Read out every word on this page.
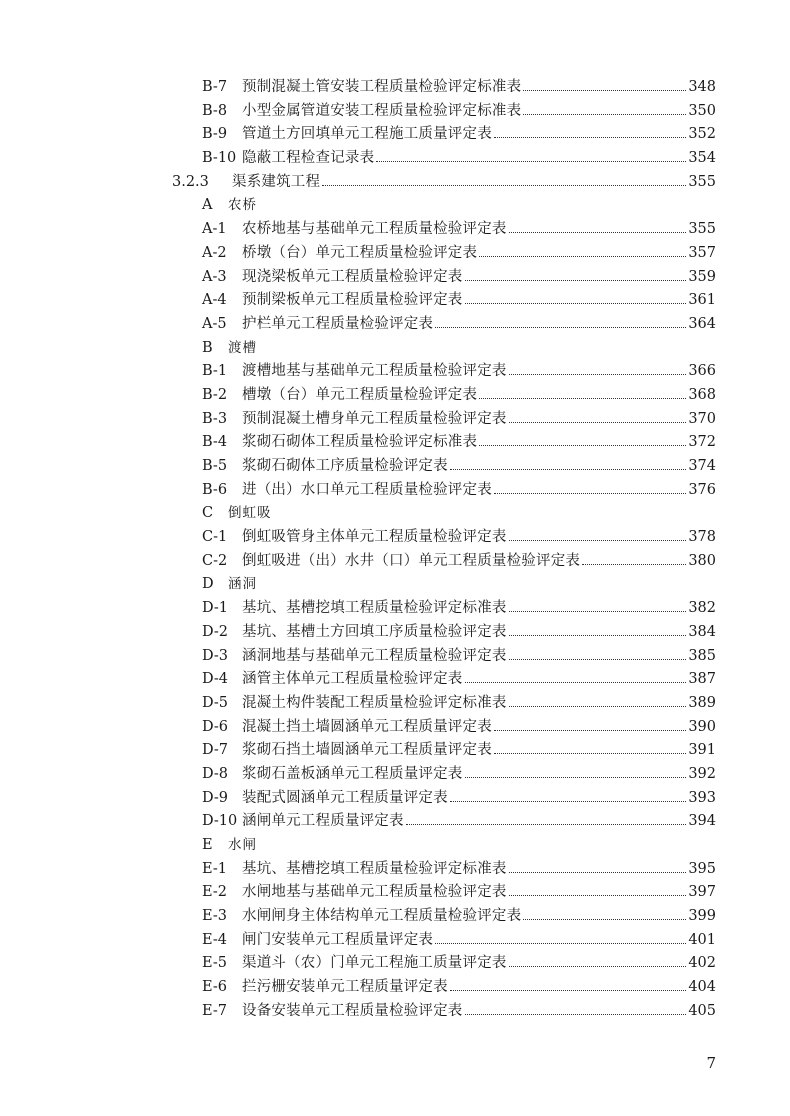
B-7	预制混凝土管安装工程质量检验评定标准表	348
B-8	小型金属管道安装工程质量检验评定标准表	350
B-9	管道土方回填单元工程施工质量评定表	352
B-10 隐蔽工程检查记录表	354
3.2.3	渠系建筑工程	355
A	农桥
A-1	农桥地基与基础单元工程质量检验评定表	355
A-2	桥墩（台）单元工程质量检验评定表	357
A-3	现浇梁板单元工程质量检验评定表	359
A-4	预制梁板单元工程质量检验评定表	361
A-5	护栏单元工程质量检验评定表	364
B	渡槽
B-1	渡槽地基与基础单元工程质量检验评定表	366
B-2	槽墩（台）单元工程质量检验评定表	368
B-3	预制混凝土槽身单元工程质量检验评定表	370
B-4	浆砌石砌体工程质量检验评定标准表	372
B-5	浆砌石砌体工序质量检验评定表	374
B-6	进（出）水口单元工程质量检验评定表	376
C	倒虹吸
C-1	倒虹吸管身主体单元工程质量检验评定表	378
C-2	倒虹吸进（出）水井（口）单元工程质量检验评定表	380
D	涵洞
D-1 基坑、基槽挖填工程质量检验评定标准表	382
D-2 基坑、基槽土方回填工序质量检验评定表	384
D-3 涵洞地基与基础单元工程质量检验评定表	385
D-4 涵管主体单元工程质量检验评定表	387
D-5 混凝土构件装配工程质量检验评定标准表	389
D-6 混凝土挡土墙圆涵单元工程质量评定表	390
D-7 浆砌石挡土墙圆涵单元工程质量评定表	391
D-8 浆砌石盖板涵单元工程质量评定表	392
D-9 装配式圆涵单元工程质量评定表	393
D-10 涵闸单元工程质量评定表	394
E	水闸
E-1	基坑、基槽挖填工程质量检验评定标准表	395
E-2	水闸地基与基础单元工程质量检验评定表	397
E-3	水闸闸身主体结构单元工程质量检验评定表	399
E-4	闸门安装单元工程质量评定表	401
E-5	渠道斗（农）门单元工程施工质量评定表	402
E-6	拦污栅安装单元工程质量评定表	404
E-7	设备安装单元工程质量检验评定表	405
7
